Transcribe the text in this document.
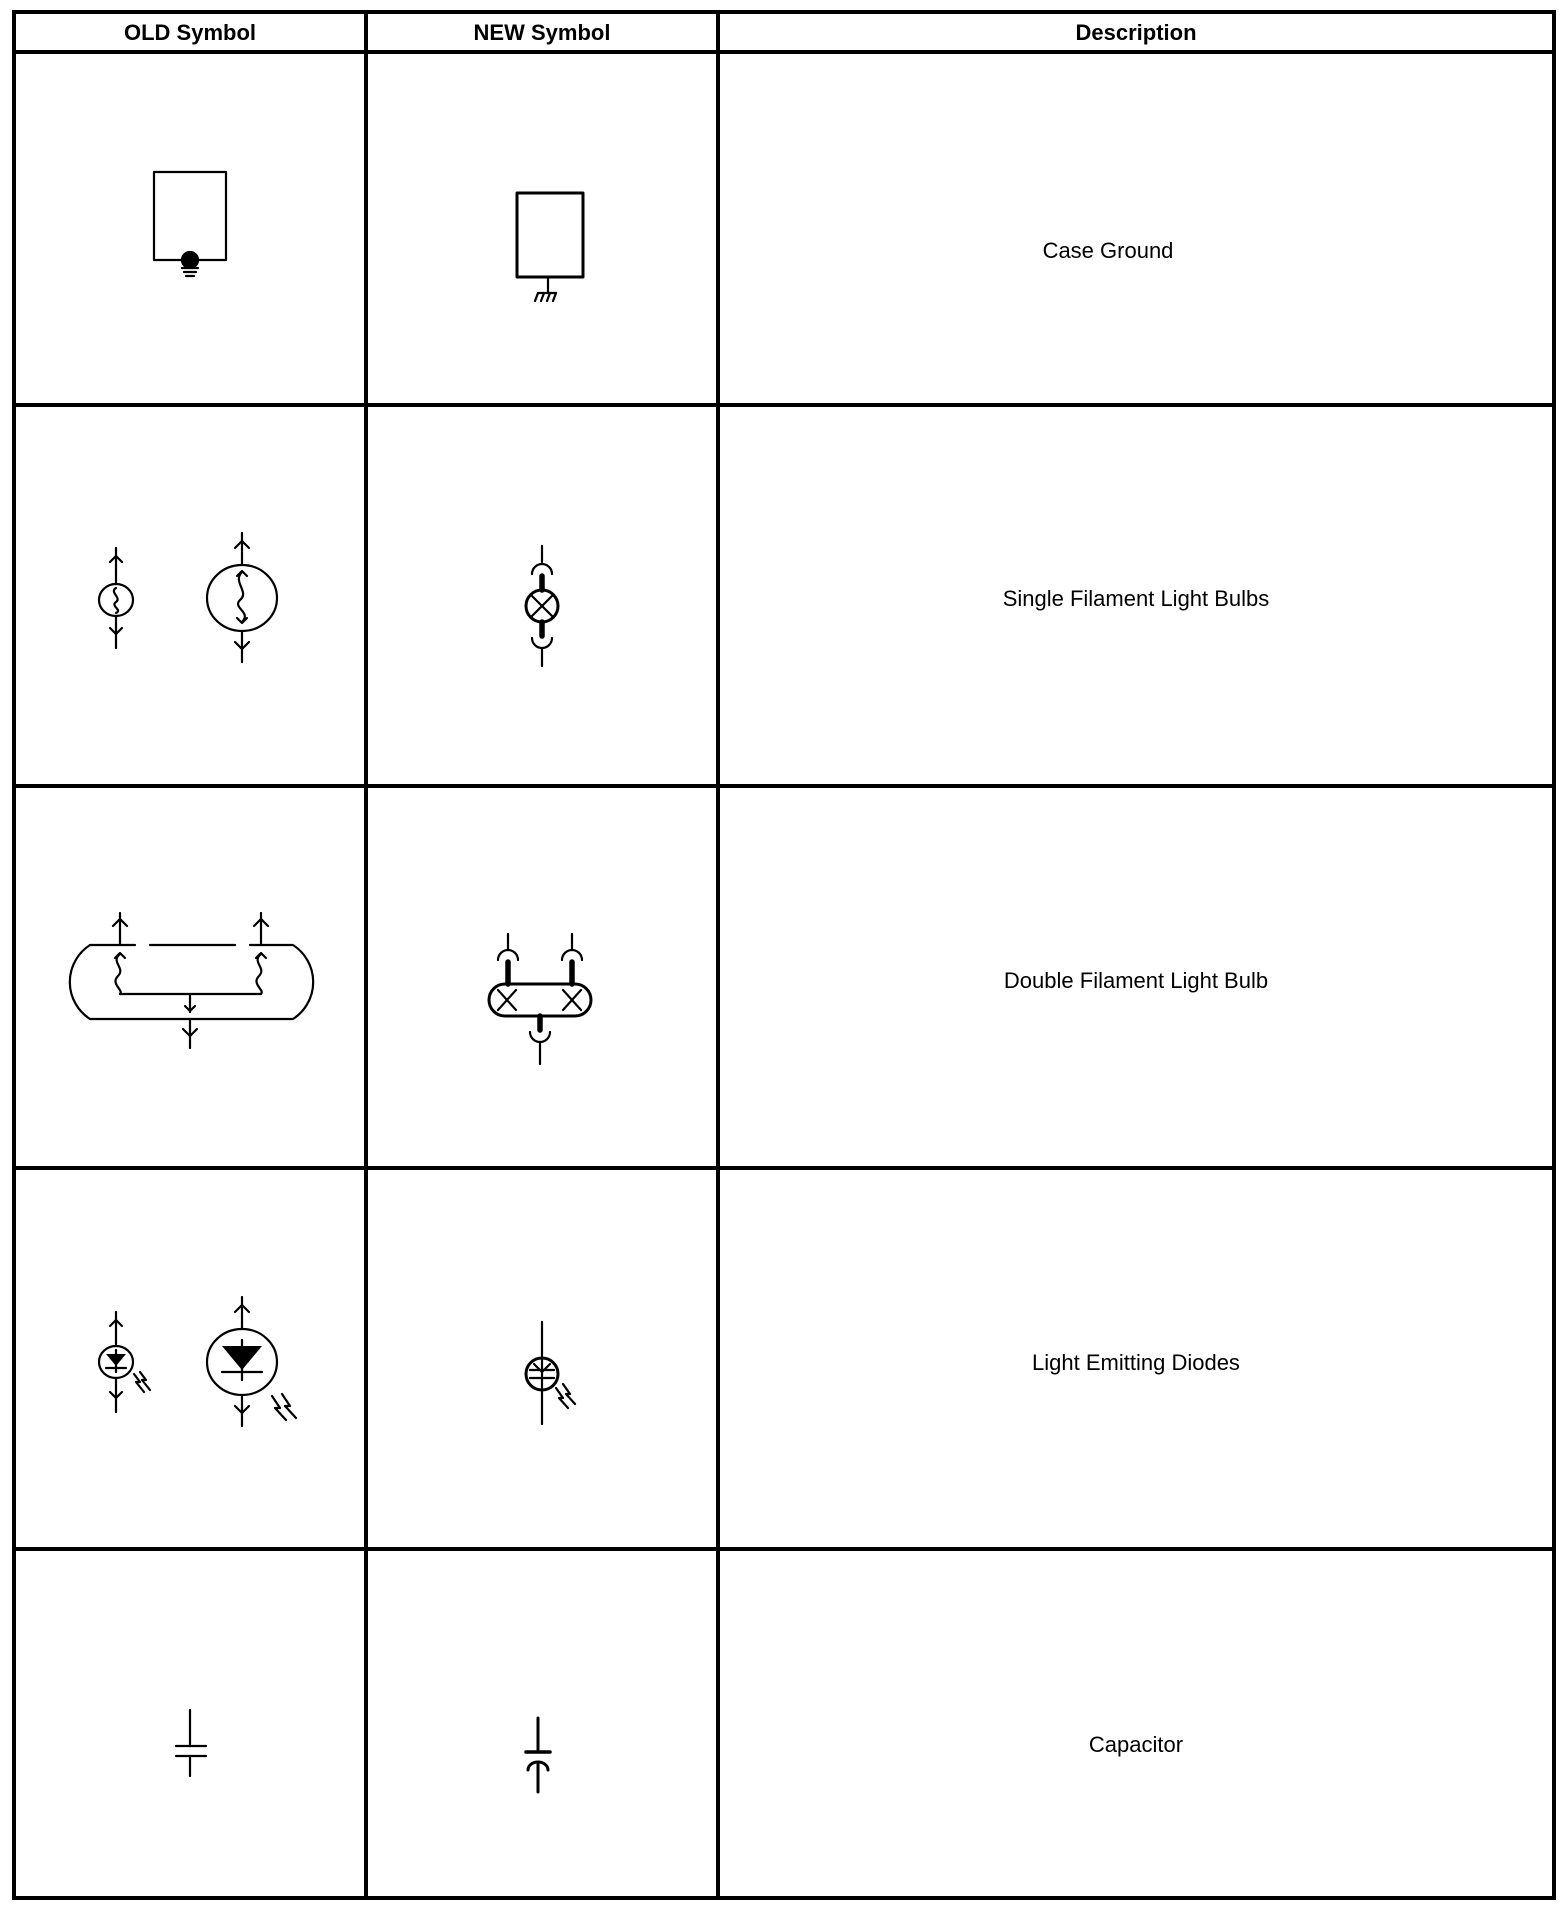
OLD Symbol	NEW Symbol	Description
Case Ground
Single Filament Light Bulbs
Double Filament Light Bulb
Light Emitting Diodes
Capacitor
